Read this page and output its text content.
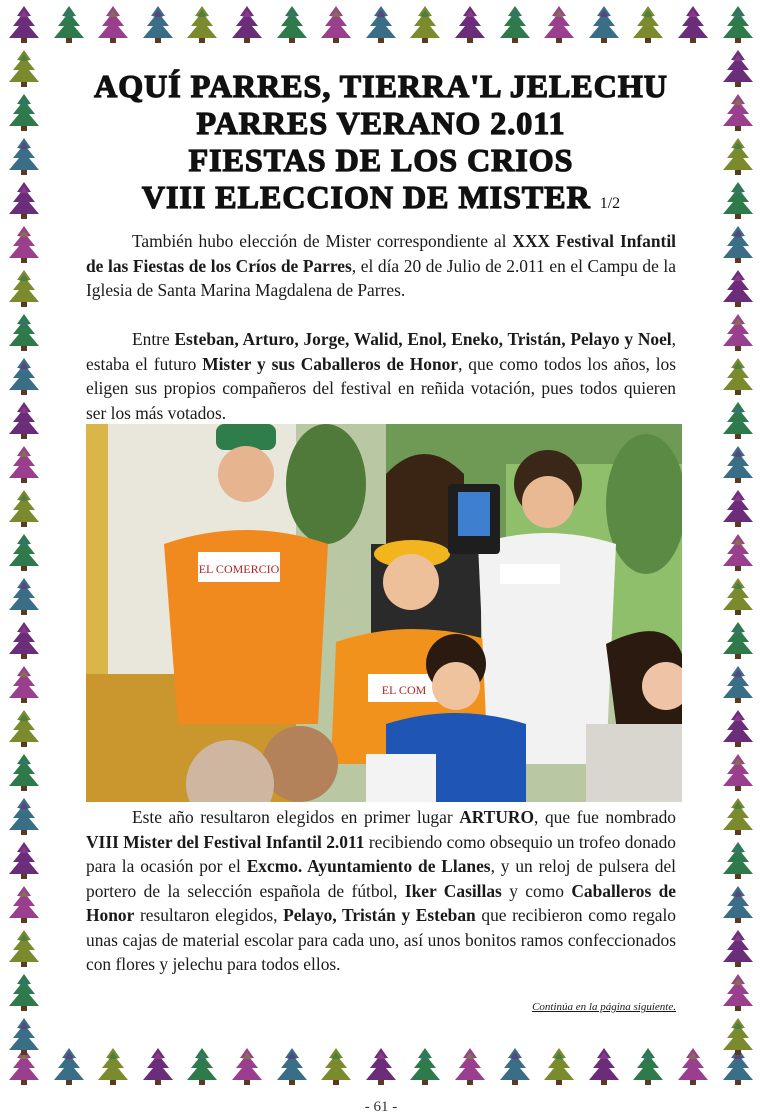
AQUÍ PARRES, TIERRA'L JELECHU
PARRES VERANO 2.011
FIESTAS DE LOS CRIOS
VIII ELECCION DE MISTER 1/2
También hubo elección de Mister correspondiente al XXX Festival Infantil de las Fiestas de los Críos de Parres, el día 20 de Julio de 2.011 en el Campu de la Iglesia de Santa Marina Magdalena de Parres.
Entre Esteban, Arturo, Jorge, Walid, Enol, Eneko, Tristán, Pelayo y Noel, estaba el futuro Mister y sus Caballeros de Honor, que como todos los años, los eligen sus propios compañeros del festival en reñida votación, pues todos quieren ser los más votados.
EL COMERCIO
EL COM
Este año resultaron elegidos en primer lugar ARTURO, que fue nombrado VIII Mister del Festival Infantil 2.011 recibiendo como obsequio un trofeo donado para la ocasión por el Excmo. Ayuntamiento de Llanes, y un reloj de pulsera del portero de la selección española de fútbol, Iker Casillas y como Caballeros de Honor resultaron elegidos, Pelayo, Tristán y Esteban que recibieron como regalo unas cajas de material escolar para cada uno, así unos bonitos ramos confeccionados con flores y jelechu para todos ellos.
Continúa en la página siguiente.
- 61 -
